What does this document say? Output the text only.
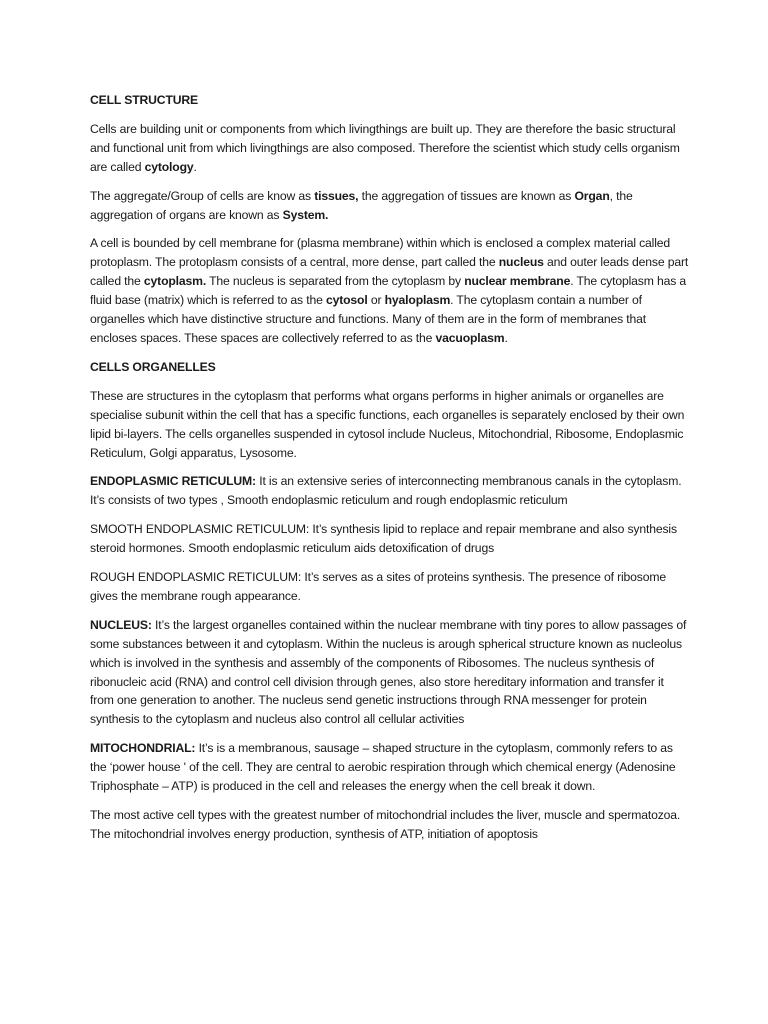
CELL STRUCTURE

Cells are building unit or components from which livingthings are built up. They are therefore the basic structural and functional unit from which livingthings are also composed. Therefore the scientist which study cells organism are called cytology.

The aggregate/Group of cells are know as tissues, the aggregation of tissues are known as Organ, the aggregation of organs are known as System.

A cell is bounded by cell membrane for (plasma membrane) within which is enclosed a complex material called protoplasm. The protoplasm consists of a central, more dense, part called the nucleus and outer leads dense part called the cytoplasm. The nucleus is separated from the cytoplasm by nuclear membrane. The cytoplasm has a fluid base (matrix) which is referred to as the cytosol or hyaloplasm. The cytoplasm contain a number of organelles which have distinctive structure and functions. Many of them are in the form of membranes that encloses spaces. These spaces are collectively referred to as the vacuoplasm.

CELLS ORGANELLES

These are structures in the cytoplasm that performs what organs performs in higher animals or organelles are specialise subunit within the cell that has a specific functions, each organelles is separately enclosed by their own lipid bi-layers. The cells organelles suspended in cytosol include Nucleus, Mitochondrial, Ribosome, Endoplasmic Reticulum, Golgi apparatus, Lysosome.

ENDOPLASMIC RETICULUM: It is an extensive series of interconnecting membranous canals in the cytoplasm. It’s consists of two types , Smooth endoplasmic reticulum and rough endoplasmic reticulum

SMOOTH ENDOPLASMIC RETICULUM: It’s synthesis lipid to replace and repair membrane and also synthesis steroid hormones. Smooth endoplasmic reticulum aids detoxification of drugs

ROUGH ENDOPLASMIC RETICULUM: It’s serves as a sites of proteins synthesis. The presence of ribosome gives the membrane rough appearance.

NUCLEUS: It’s the largest organelles contained within the nuclear membrane with tiny pores to allow passages of some substances between it and cytoplasm. Within the nucleus is arough spherical structure known as nucleolus which is involved in the synthesis and assembly of the components of Ribosomes. The nucleus synthesis of ribonucleic acid (RNA) and control cell division through genes, also store hereditary information and transfer it from one generation to another. The nucleus send genetic instructions through RNA messenger for protein synthesis to the cytoplasm and nucleus also control all cellular activities

MITOCHONDRIAL: It’s is a membranous, sausage – shaped structure in the cytoplasm, commonly refers to as the ‘power house ' of the cell. They are central to aerobic respiration through which chemical energy (Adenosine Triphosphate – ATP) is produced in the cell and releases the energy when the cell break it down.

The most active cell types with the greatest number of mitochondrial includes the liver, muscle and spermatozoa. The mitochondrial involves energy production, synthesis of ATP, initiation of apoptosis
